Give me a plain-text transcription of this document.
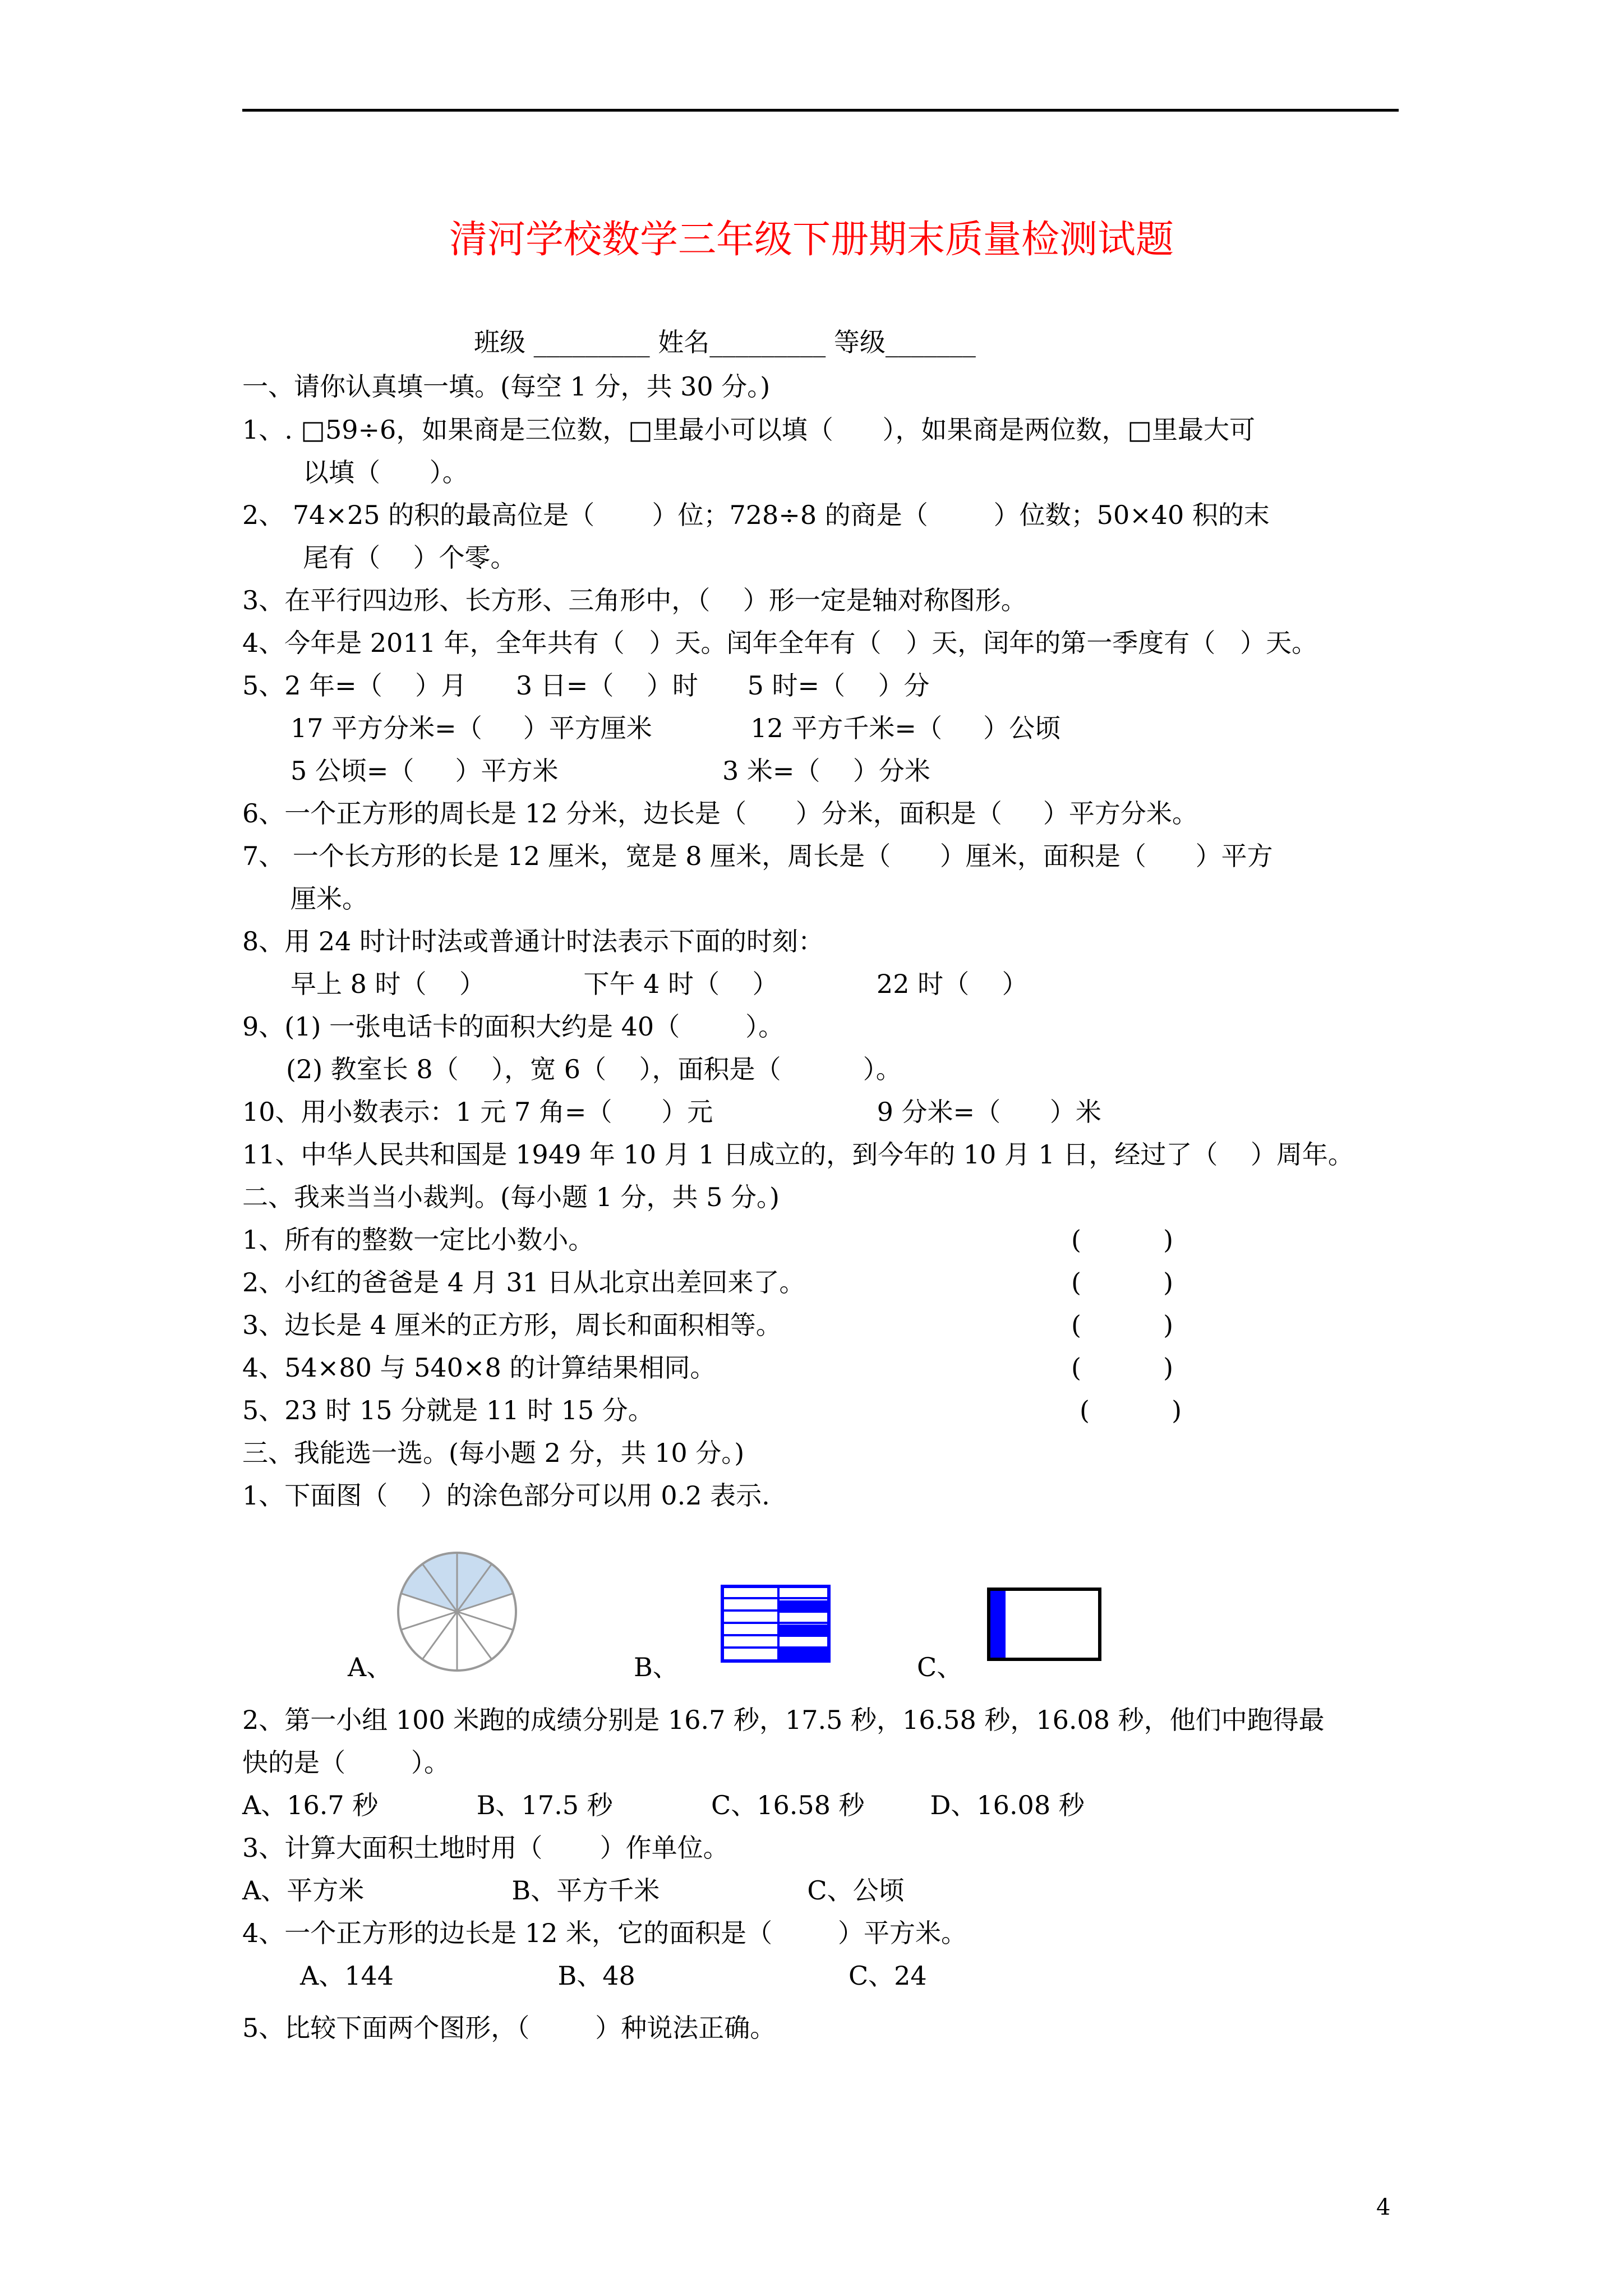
清河学校数学三年级下册期末质量检测试题
班级 _________ 姓名_________ 等级_______
一、请你认真填一填。(每空 1 分，共 30 分。)
1、. □59÷6，如果商是三位数，□里最小可以填（      ），如果商是两位数，□里最大可
以填（      ）。
2、 74×25 的积的最高位是（       ）位；728÷8 的商是（        ）位数；50×40 积的末
尾有（    ）个零。
3、在平行四边形、长方形、三角形中，（    ）形一定是轴对称图形。
4、今年是 2011 年，全年共有（   ）天。闰年全年有（   ）天，闰年的第一季度有（   ）天。
5、2 年=（    ）月      3 日=（    ）时      5 时=（    ）分
17 平方分米=（     ）平方厘米            12 平方千米=（     ）公顷
5 公顷=（     ）平方米                    3 米=（    ）分米
6、一个正方形的周长是 12 分米，边长是（      ）分米，面积是（     ）平方分米。
7、 一个长方形的长是 12 厘米，宽是 8 厘米，周长是（      ）厘米，面积是（      ）平方
厘米。
8、用 24 时计时法或普通计时法表示下面的时刻：
早上 8 时（    ）            下午 4 时（    ）            22 时（    ）
9、(1) 一张电话卡的面积大约是 40（        ）。
(2) 教室长 8（    ），宽 6（    ），面积是（          ）。
10、用小数表示：1 元 7 角=（      ）元                    9 分米=（      ）米
11、中华人民共和国是 1949 年 10 月 1 日成立的，到今年的 10 月 1 日，经过了（    ）周年。
二、我来当当小裁判。(每小题 1 分，共 5 分。)
1、所有的整数一定比小数小。	(          )
2、小红的爸爸是 4 月 31 日从北京出差回来了。	(          )
3、边长是 4 厘米的正方形，周长和面积相等。	(          )
4、54×80 与 540×8 的计算结果相同。	(          )
5、23 时 15 分就是 11 时 15 分。	(          )
三、我能选一选。(每小题 2 分，共 10 分。)
1、下面图（    ）的涂色部分可以用 0.2 表示.
A、	B、	C、
2、第一小组 100 米跑的成绩分别是 16.7 秒，17.5 秒，16.58 秒，16.08 秒，他们中跑得最
快的是（        ）。
A、16.7 秒            B、17.5 秒            C、16.58 秒        D、16.08 秒
3、计算大面积土地时用（       ）作单位。
A、平方米                  B、平方千米                  C、公顷
4、一个正方形的边长是 12 米，它的面积是（        ）平方米。
A、144                    B、48                          C、24
5、比较下面两个图形，（        ）种说法正确。
4
